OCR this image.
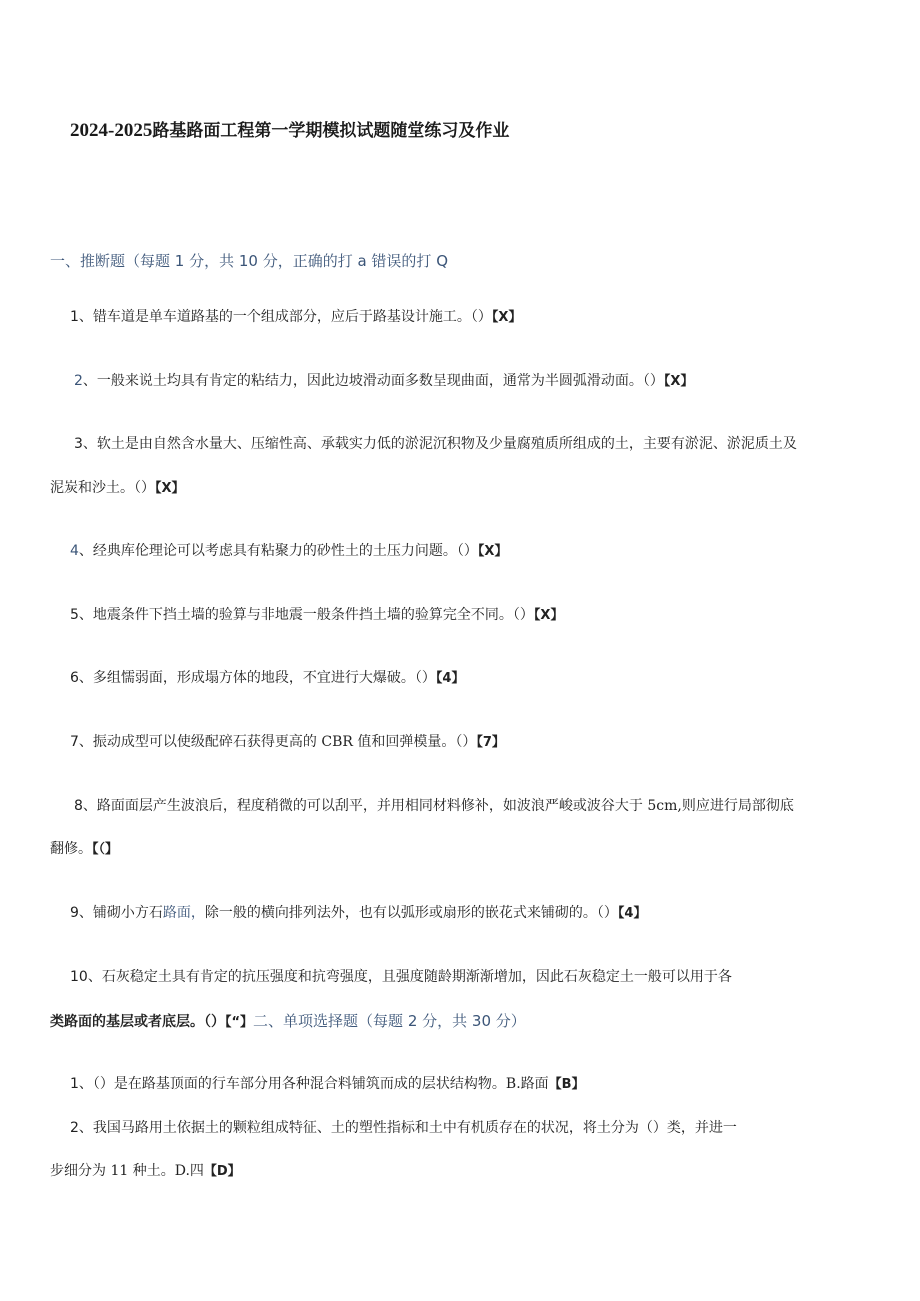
2024-2025路基路面工程第一学期模拟试题随堂练习及作业
一、推断题（每题 1 分，共 10 分，正确的打 a 错误的打 Q
1、错车道是单车道路基的一个组成部分，应后于路基设计施工。（）【X】
2、一般来说土均具有肯定的粘结力，因此边坡滑动面多数呈现曲面，通常为半圆弧滑动面。（）【X】
3、软土是由自然含水量大、压缩性高、承载实力低的淤泥沉积物及少量腐殖质所组成的土，主要有淤泥、淤泥质土及
泥炭和沙土。（）【X】
4、经典库伦理论可以考虑具有粘聚力的砂性土的土压力问题。（）【X】
5、地震条件下挡土墙的验算与非地震一般条件挡土墙的验算完全不同。（）【X】
6、多组懦弱面，形成塌方体的地段，不宜进行大爆破。（）【4】
7、振动成型可以使级配碎石获得更高的 CBR 值和回弹模量。（）【7】
8、路面面层产生波浪后，程度稍微的可以刮平，并用相同材料修补，如波浪严峻或波谷大于 5cm,则应进行局部彻底
翻修。【（】
9、铺砌小方石路面，除一般的横向排列法外，也有以弧形或扇形的嵌花式来铺砌的。（）【4】
10、石灰稳定土具有肯定的抗压强度和抗弯强度，且强度随龄期渐渐增加，因此石灰稳定土一般可以用于各
类路面的基层或者底层。（）【“】二、单项选择题（每题 2 分，共 30 分）
1、（）是在路基顶面的行车部分用各种混合料铺筑而成的层状结构物。B.路面【B】
2、我国马路用土依据土的颗粒组成特征、土的塑性指标和土中有机质存在的状况，将土分为（）类，并进一
步细分为 11 种土。D.四【D】
